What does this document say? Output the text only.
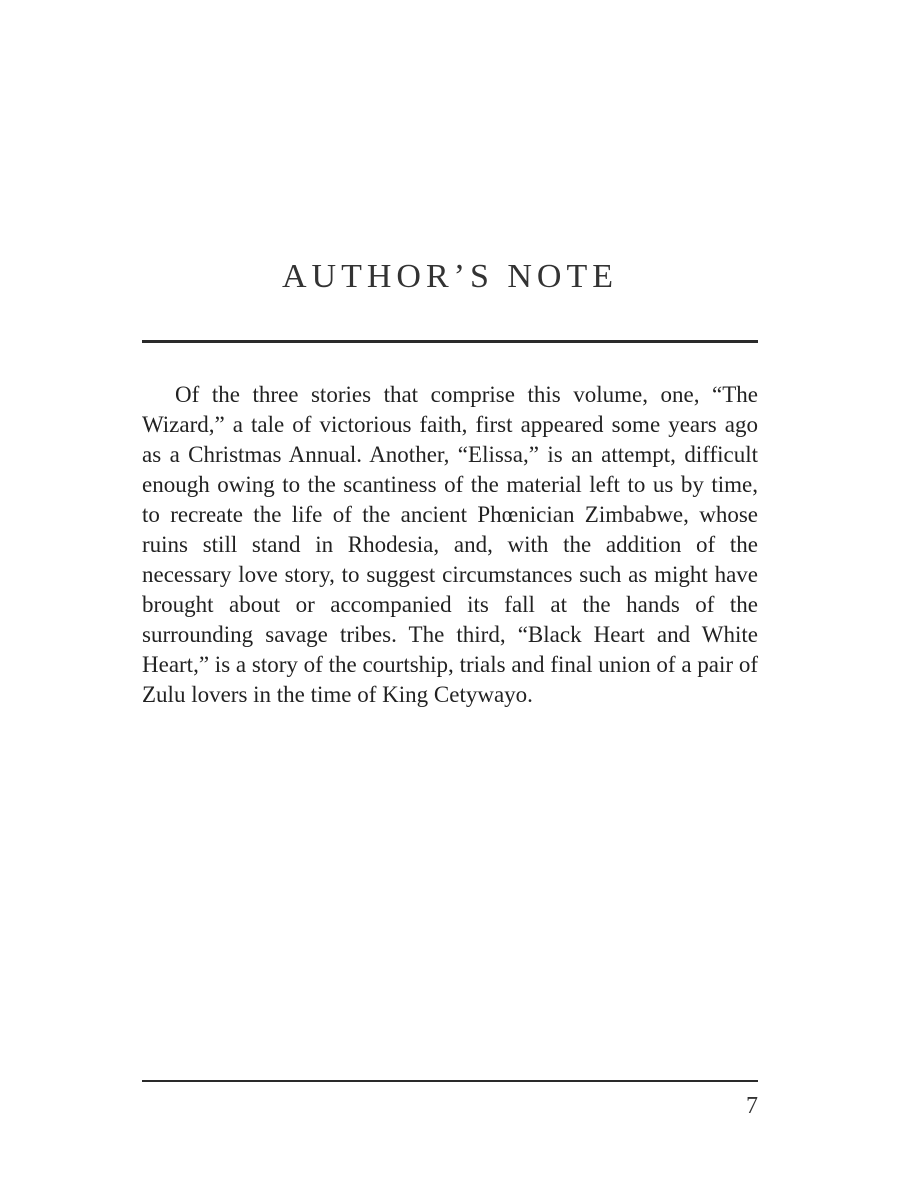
AUTHOR’S NOTE

Of the three stories that comprise this volume, one, “The Wizard,” a tale of victorious faith, first appeared some years ago as a Christmas Annual. Another, “Elissa,” is an attempt, difficult enough owing to the scantiness of the material left to us by time, to recreate the life of the ancient Phœnician Zimbabwe, whose ruins still stand in Rhodesia, and, with the addition of the necessary love story, to suggest circumstances such as might have brought about or accompanied its fall at the hands of the surrounding savage tribes. The third, “Black Heart and White Heart,” is a story of the courtship, trials and final union of a pair of Zulu lovers in the time of King Cetywayo.

7
